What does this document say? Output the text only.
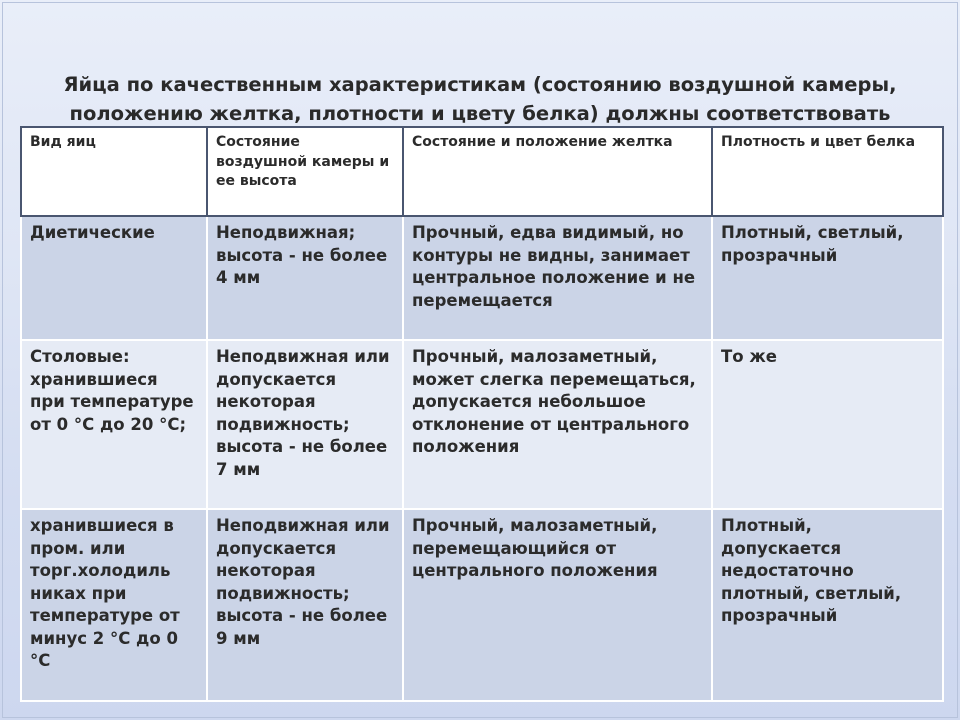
Яйца по качественным характеристикам (состоянию воздушной камеры,
положению желтка, плотности и цвету белка) должны соответствовать
Вид яиц	Состояние воздушной камеры и ее высота	Состояние и положение желтка	Плотность и цвет белка
Диетические	Неподвижная; высота - не более 4 мм	Прочный, едва видимый, но контуры не видны, занимает центральное положение и не перемещается	Плотный, светлый, прозрачный
Столовые: хранившиеся при температуре от 0 °С до 20 °С;	Неподвижная или допускается некоторая подвижность; высота - не более 7 мм	Прочный, малозаметный, может слегка перемещаться, допускается небольшое отклонение от центрального положения	То же
хранившиеся в пром. или торг.холодиль никах при температуре от минус 2 °С до 0 °С	Неподвижная или допускается некоторая подвижность; высота - не более 9 мм	Прочный, малозаметный, перемещающийся от центрального положения	Плотный, допускается недостаточно плотный, светлый, прозрачный
